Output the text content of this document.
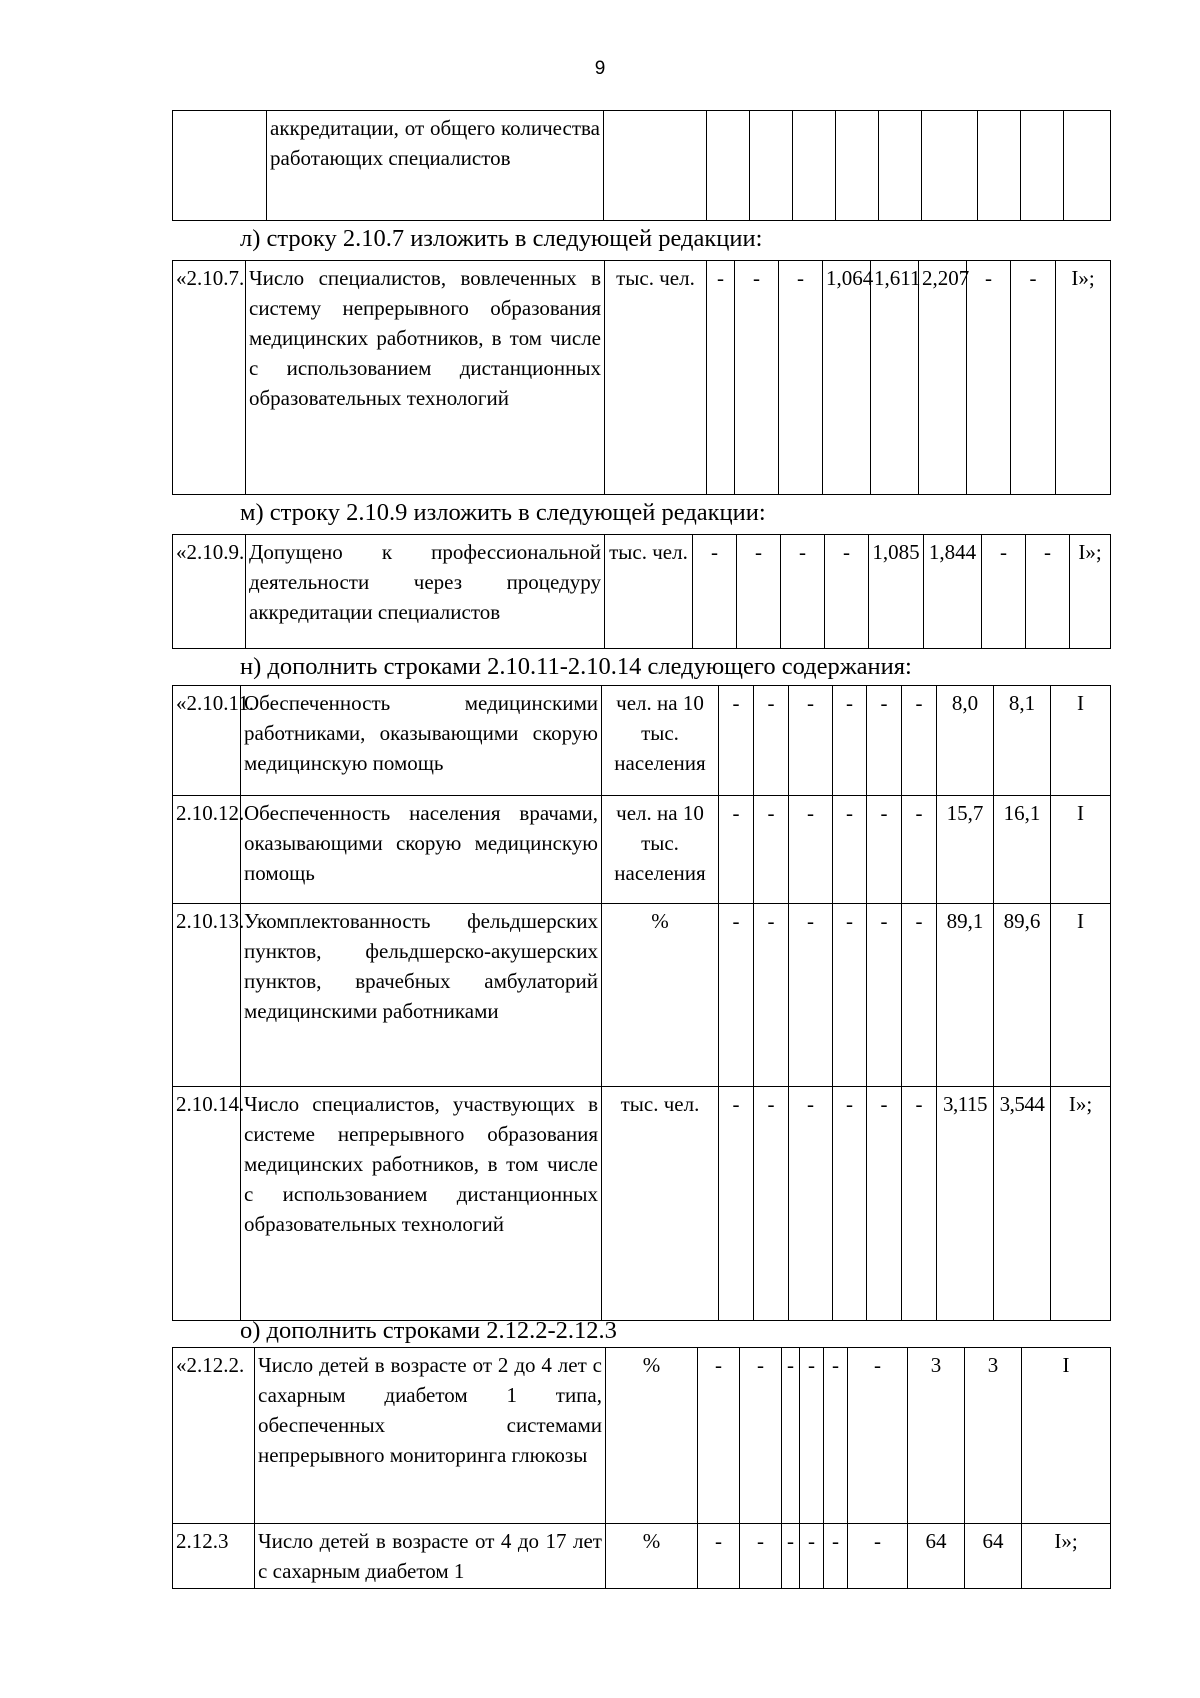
9
	аккредитации, от общего количества работающих специалистов										
л) строку 2.10.7 изложить в следующей редакции:
«2.10.7.	Число специалистов, вовлеченных в систему непрерывного образования медицинских работников, в том числе с использованием дистанционных образовательных технологий	тыс. чел.	-	-	-	1,064	1,611	2,207	-	-	I»;
м) строку 2.10.9 изложить в следующей редакции:
«2.10.9.	Допущено к профессиональной деятельности через процедуру аккредитации специалистов	тыс. чел.	-	-	-	-	1,085	1,844	-	-	I»;
н) дополнить строками 2.10.11-2.10.14 следующего содержания:
«2.10.11.	Обеспеченность медицинскими работниками, оказывающими скорую медицинскую помощь	чел. на 10 тыс. населения	-	-	-	-	-	-	8,0	8,1	I
2.10.12.	Обеспеченность населения врачами, оказывающими скорую медицинскую помощь	чел. на 10 тыс. населения	-	-	-	-	-	-	15,7	16,1	I
2.10.13.	Укомплектованность фельдшерских пунктов, фельдшерско-акушерских пунктов, врачебных амбулаторий медицинскими работниками	%	-	-	-	-	-	-	89,1	89,6	I
2.10.14.	Число специалистов, участвующих в системе непрерывного образования медицинских работников, в том числе с использованием дистанционных образовательных технологий	тыс. чел.	-	-	-	-	-	-	3,115	3,544	I»;
о) дополнить строками 2.12.2-2.12.3
«2.12.2.	Число детей в возрасте от 2 до 4 лет с сахарным диабетом 1 типа, обеспеченных системами непрерывного мониторинга глюкозы	%	-	-	-	-	-	-	3	3	I
2.12.3	Число детей в возрасте от 4 до 17 лет с сахарным диабетом 1	%	-	-	-	-	-	-	64	64	I»;
